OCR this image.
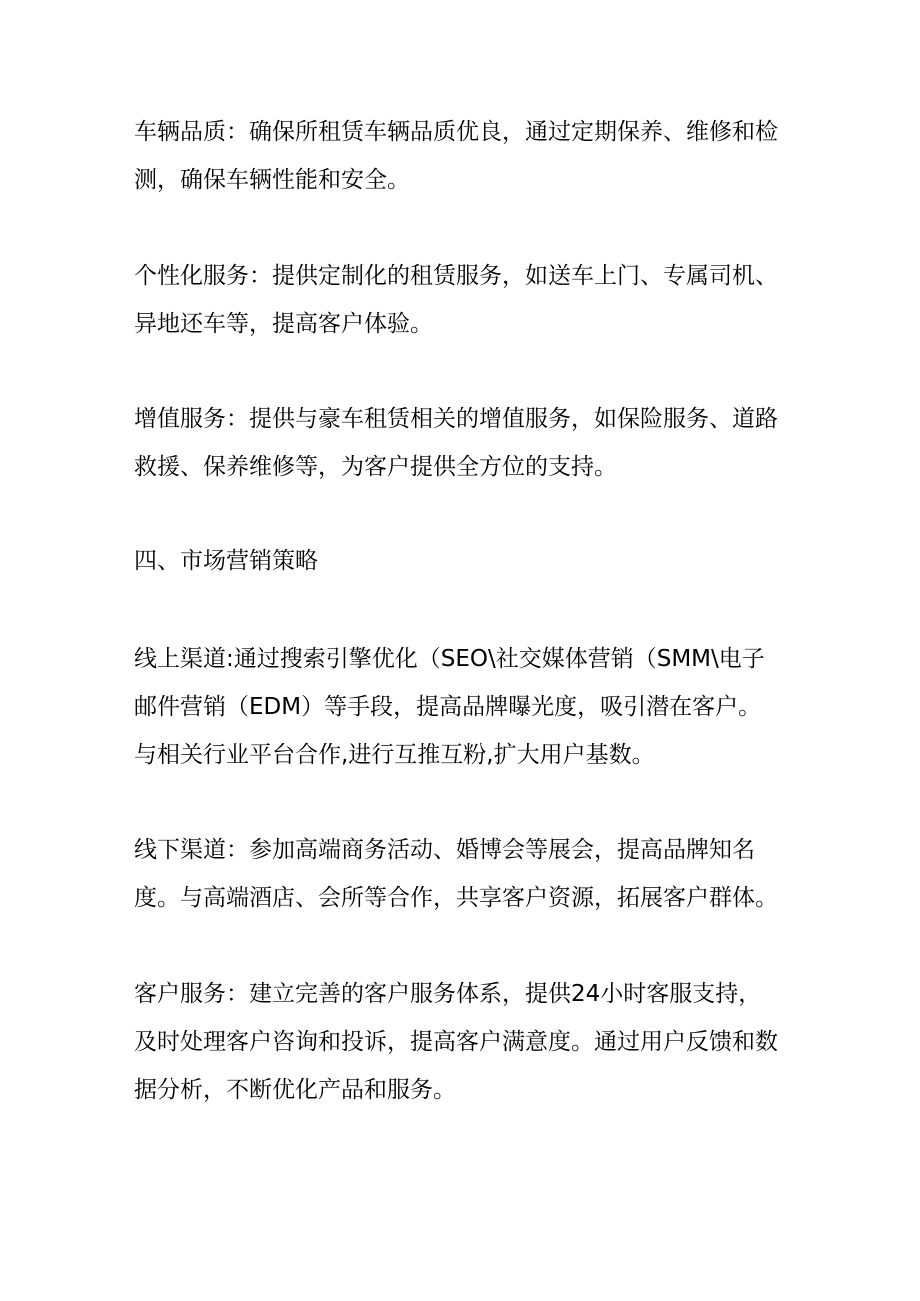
车辆品质：确保所租赁车辆品质优良，通过定期保养、维修和检
测，确保车辆性能和安全。

个性化服务：提供定制化的租赁服务，如送车上门、专属司机、
异地还车等，提高客户体验。

增值服务：提供与豪车租赁相关的增值服务，如保险服务、道路
救援、保养维修等，为客户提供全方位的支持。

四、市场营销策略

线上渠道:通过搜索引擎优化（SEO\社交媒体营销（SMM\电子
邮件营销（EDM）等手段，提高品牌曝光度，吸引潜在客户。
与相关行业平台合作,进行互推互粉,扩大用户基数。

线下渠道：参加高端商务活动、婚博会等展会，提高品牌知名
度。与高端酒店、会所等合作，共享客户资源，拓展客户群体。

客户服务：建立完善的客户服务体系，提供24小时客服支持，
及时处理客户咨询和投诉，提高客户满意度。通过用户反馈和数
据分析，不断优化产品和服务。
